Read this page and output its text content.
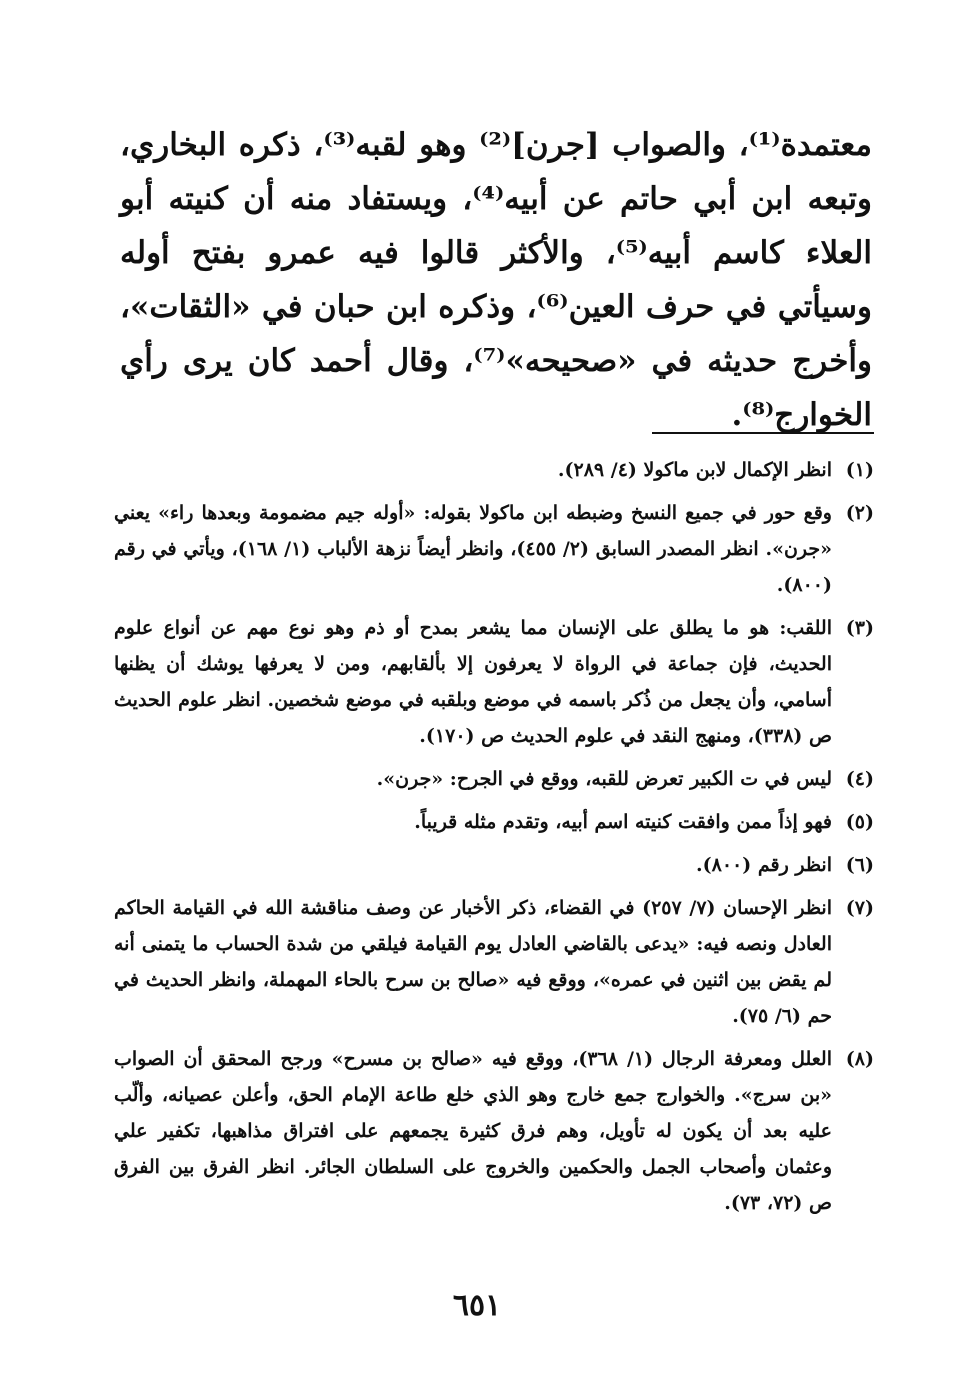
معتمدة⁽¹⁾، والصواب [جرن]⁽²⁾ وهو لقبه⁽³⁾، ذكره البخاري، وتبعه ابن أبي حاتم عن أبيه⁽⁴⁾، ويستفاد منه أن كنيته أبو العلاء كاسم أبيه⁽⁵⁾، والأكثر قالوا فيه عمرو بفتح أوله وسيأتي في حرف العين⁽⁶⁾، وذكره ابن حبان في «الثقات»، وأخرج حديثه في «صحيحه»⁽⁷⁾، وقال أحمد كان يرى رأي الخوارج⁽⁸⁾.

(١)
انظر الإكمال لابن ماكولا (٤/ ٢٨٩).
(٢)
وقع حور في جميع النسخ وضبطه ابن ماكولا بقوله: «أوله جيم مضمومة وبعدها راء» يعني «جرن». انظر المصدر السابق (٢/ ٤٥٥)، وانظر أيضاً نزهة الألباب (١/ ١٦٨)، ويأتي في رقم (٨٠٠).
(٣)
اللقب: هو ما يطلق على الإنسان مما يشعر بمدح أو ذم وهو نوع مهم عن أنواع علوم الحديث، فإن جماعة في الرواة لا يعرفون إلا بألقابهم، ومن لا يعرفها يوشك أن يظنها أسامي، وأن يجعل من ذُكر باسمه في موضع وبلقبه في موضع شخصين. انظر علوم الحديث ص (٣٣٨)، ومنهج النقد في علوم الحديث ص (١٧٠).
(٤)
ليس في ت الكبير تعرض للقبه، ووقع في الجرح: «جرن».
(٥)
فهو إذاً ممن وافقت كنيته اسم أبيه، وتقدم مثله قريباً.
(٦)
انظر رقم (٨٠٠).
(٧)
انظر الإحسان (٧/ ٢٥٧) في القضاء، ذكر الأخبار عن وصف مناقشة الله في القيامة الحاكم العادل ونصه فيه: «يدعى بالقاضي العادل يوم القيامة فيلقي من شدة الحساب ما يتمنى أنه لم يقض بين اثنين في عمره»، ووقع فيه «صالح بن سرح بالحاء المهملة، وانظر الحديث في حم (٦/ ٧٥).
(٨)
العلل ومعرفة الرجال (١/ ٣٦٨)، ووقع فيه «صالح بن مسرح» ورجح المحقق أن الصواب «بن سرج». والخوارج جمع خارج وهو الذي خلع طاعة الإمام الحق، وأعلن عصيانه، وألّب عليه بعد أن يكون له تأويل، وهم فرق كثيرة يجمعهم على افتراق مذاهبها، تكفير علي وعثمان وأصحاب الجمل والحكمين والخروج على السلطان الجائر. انظر الفرق بين الفرق ص (٧٢، ٧٣).
٦٥١
